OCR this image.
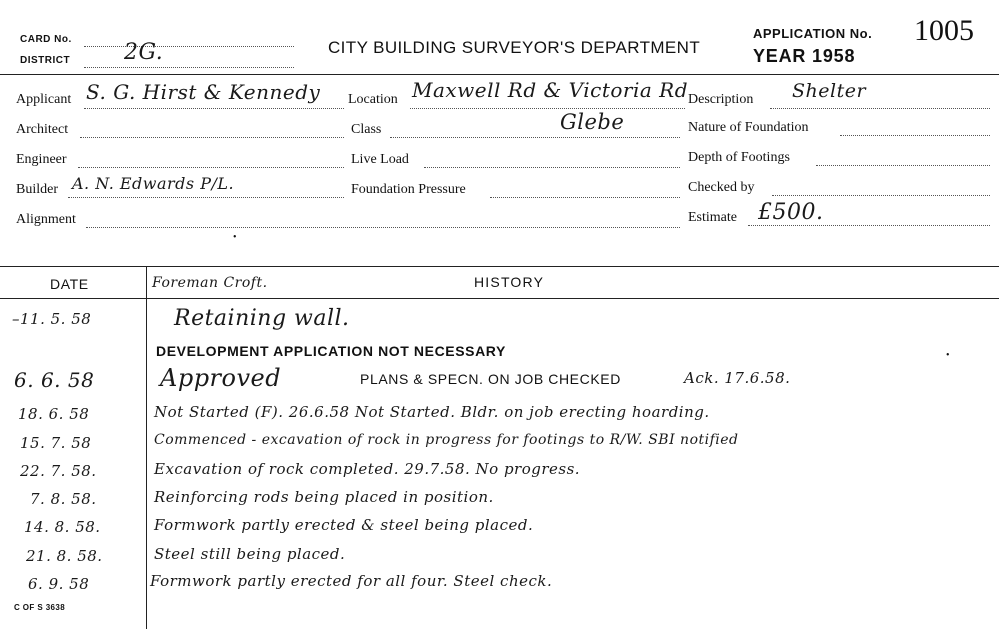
CARD No.
DISTRICT 2G.	CITY BUILDING SURVEYOR'S DEPARTMENT
APPLICATION No. 1005
YEAR 1958
Applicant S. G. Hirst & Kennedy Location Maxwell Rd & Victoria Rd Description Shelter
Architect	Class	Glebe	Nature of Foundation
Engineer	Live Load	Depth of Footings
Builder A. N. Edwards P/L.	Foundation Pressure	Checked by
Alignment	Estimate £500.
•
DATE	HISTORY
Foreman Croft.
–11. 5. 58	Retaining wall.
DEVELOPMENT APPLICATION NOT NECESSARY	•
6. 6. 58	Approved	PLANS & SPECN. ON JOB CHECKED	Ack. 17.6.58.
18. 6. 58	Not Started (F). 26.6.58 Not Started. Bldr. on job erecting hoarding.
15. 7. 58	Commenced - excavation of rock in progress for footings to R/W. SBI notified
22. 7. 58.	Excavation of rock completed. 29.7.58. No progress.
7. 8. 58.	Reinforcing rods being placed in position.
14. 8. 58.	Formwork partly erected & steel being placed.
21. 8. 58.	Steel still being placed.
6. 9. 58	Formwork partly erected for all four. Steel check.
C OF S 3638
